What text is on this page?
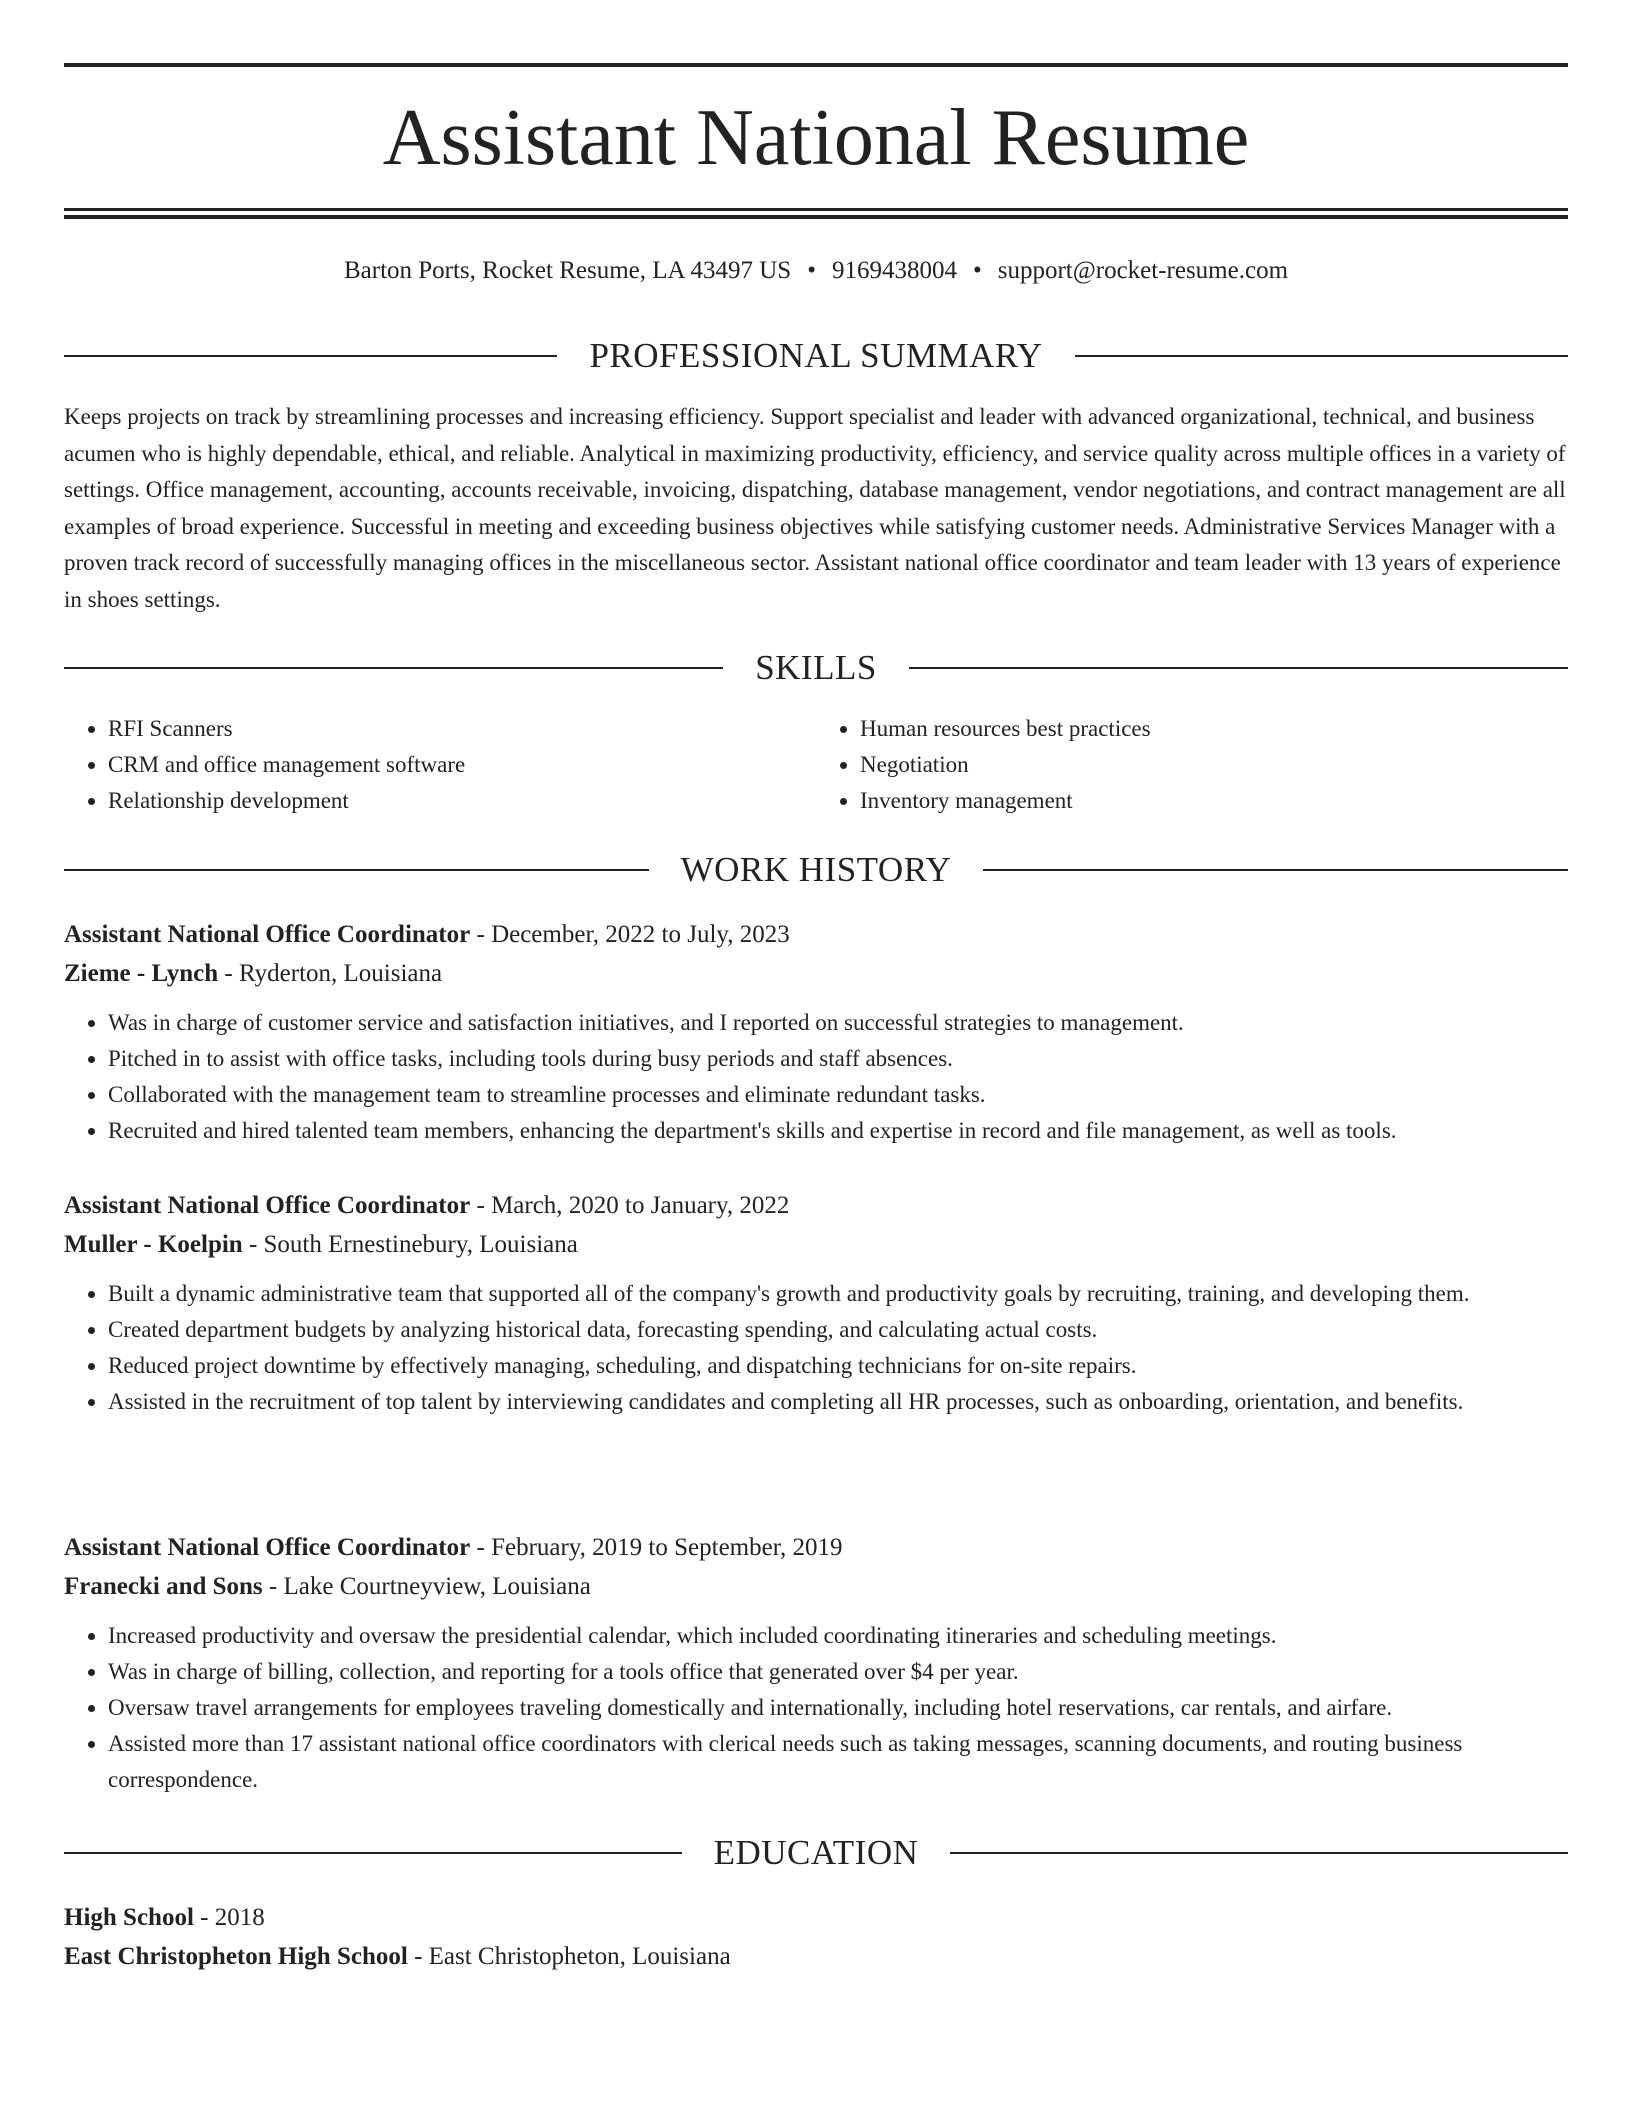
Assistant National Resume
Barton Ports, Rocket Resume, LA 43497 US • 9169438004 • support@rocket-resume.com
PROFESSIONAL SUMMARY

Keeps projects on track by streamlining processes and increasing efficiency. Support specialist and leader with advanced organizational, technical, and business acumen who is highly dependable, ethical, and reliable. Analytical in maximizing productivity, efficiency, and service quality across multiple offices in a variety of settings. Office management, accounting, accounts receivable, invoicing, dispatching, database management, vendor negotiations, and contract management are all examples of broad experience. Successful in meeting and exceeding business objectives while satisfying customer needs. Administrative Services Manager with a proven track record of successfully managing offices in the miscellaneous sector. Assistant national office coordinator and team leader with 13 years of experience in shoes settings.

SKILLS
• RFI Scanners
• CRM and office management software
• Relationship development
• Human resources best practices
• Negotiation
• Inventory management
WORK HISTORY
Assistant National Office Coordinator - December, 2022 to July, 2023
Zieme - Lynch - Ryderton, Louisiana
• Was in charge of customer service and satisfaction initiatives, and I reported on successful strategies to management.
• Pitched in to assist with office tasks, including tools during busy periods and staff absences.
• Collaborated with the management team to streamline processes and eliminate redundant tasks.
• Recruited and hired talented team members, enhancing the department's skills and expertise in record and file management, as well as tools.
Assistant National Office Coordinator - March, 2020 to January, 2022
Muller - Koelpin - South Ernestinebury, Louisiana
• Built a dynamic administrative team that supported all of the company's growth and productivity goals by recruiting, training, and developing them.
• Created department budgets by analyzing historical data, forecasting spending, and calculating actual costs.
• Reduced project downtime by effectively managing, scheduling, and dispatching technicians for on-site repairs.
• Assisted in the recruitment of top talent by interviewing candidates and completing all HR processes, such as onboarding, orientation, and benefits.
Assistant National Office Coordinator - February, 2019 to September, 2019
Franecki and Sons - Lake Courtneyview, Louisiana
• Increased productivity and oversaw the presidential calendar, which included coordinating itineraries and scheduling meetings.
• Was in charge of billing, collection, and reporting for a tools office that generated over $4 per year.
• Oversaw travel arrangements for employees traveling domestically and internationally, including hotel reservations, car rentals, and airfare.
• Assisted more than 17 assistant national office coordinators with clerical needs such as taking messages, scanning documents, and routing business correspondence.
EDUCATION
High School - 2018
East Christopheton High School - East Christopheton, Louisiana
